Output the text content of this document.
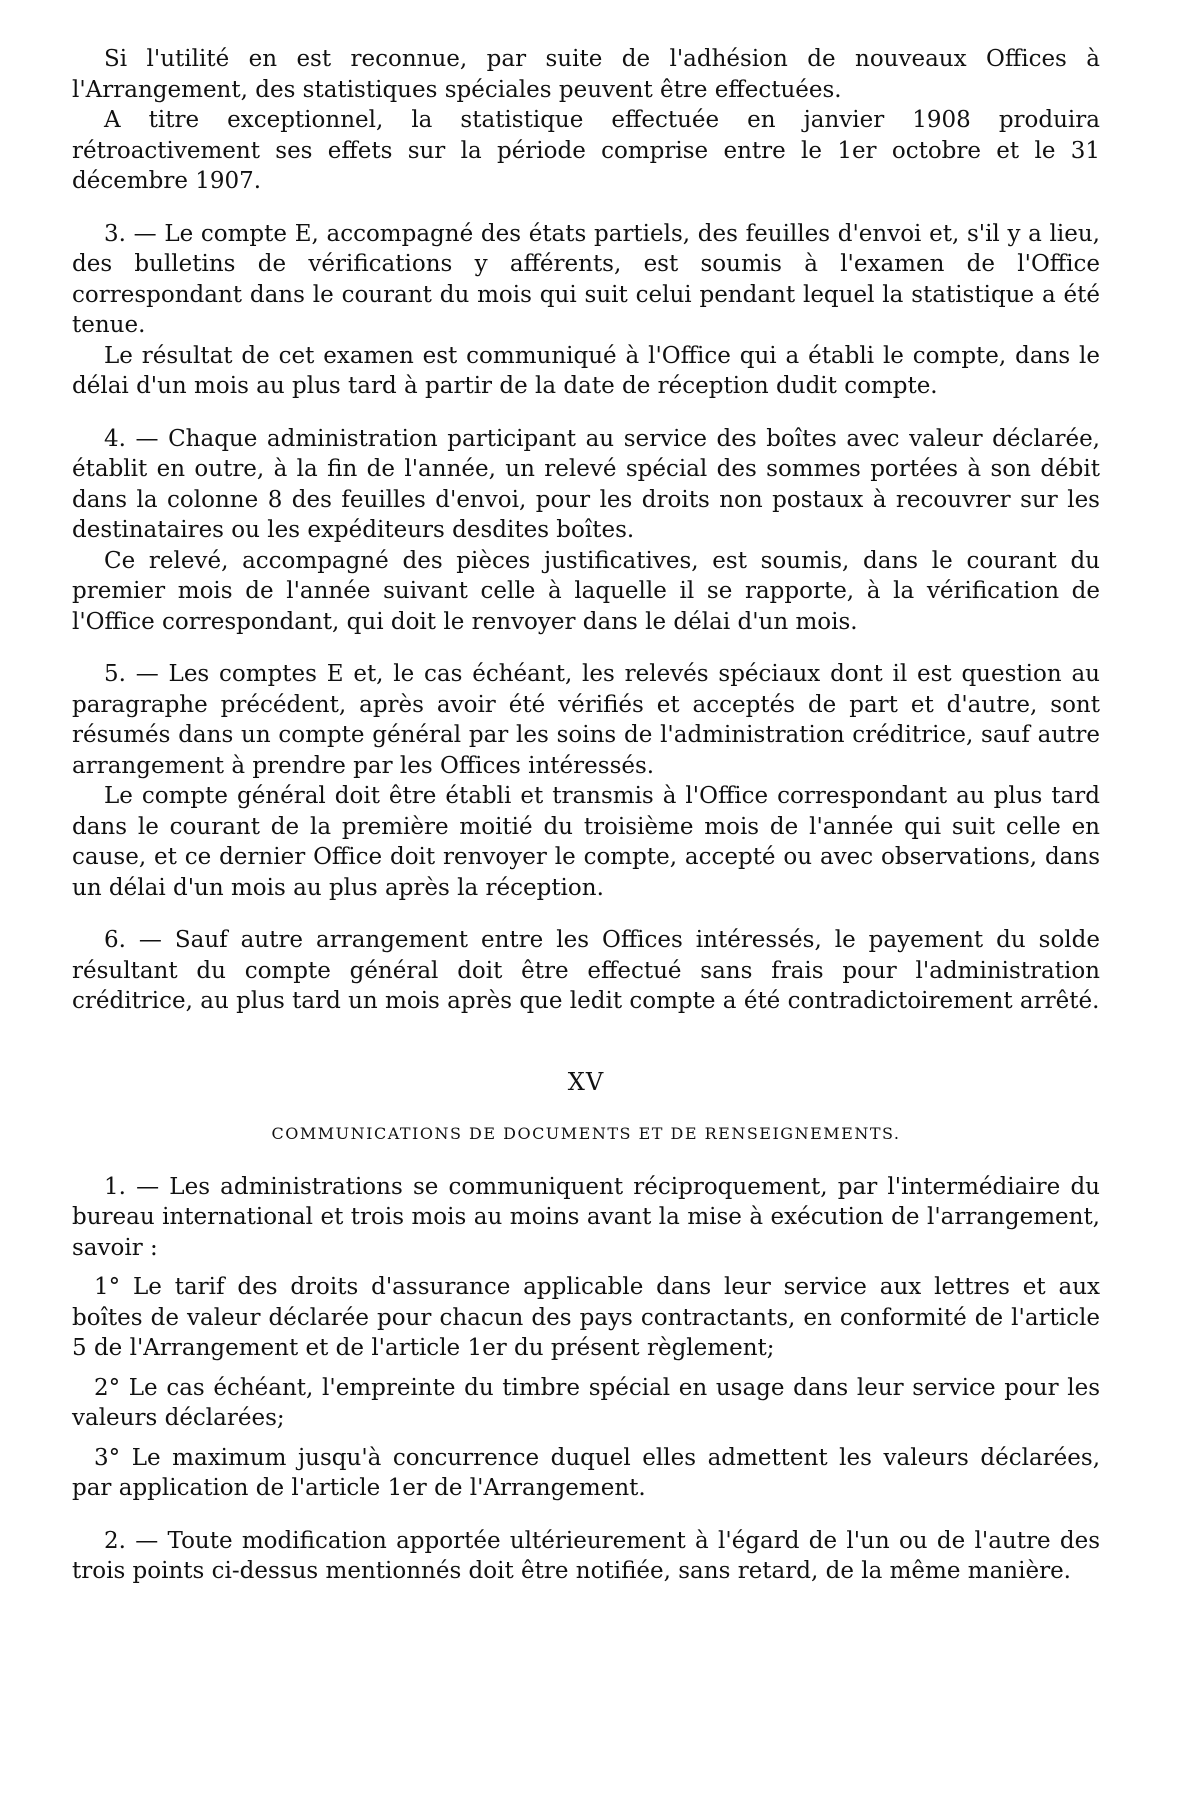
Si l'utilité en est reconnue, par suite de l'adhésion de nouveaux Offices à l'Arrangement, des statistiques spéciales peuvent être effectuées.

A titre exceptionnel, la statistique effectuée en janvier 1908 produira rétroactivement ses effets sur la période comprise entre le 1er octobre et le 31 décembre 1907.

3. — Le compte E, accompagné des états partiels, des feuilles d'envoi et, s'il y a lieu, des bulletins de vérifications y afférents, est soumis à l'examen de l'Office correspondant dans le courant du mois qui suit celui pendant lequel la statistique a été tenue.

Le résultat de cet examen est communiqué à l'Office qui a établi le compte, dans le délai d'un mois au plus tard à partir de la date de réception dudit compte.

4. — Chaque administration participant au service des boîtes avec valeur déclarée, établit en outre, à la fin de l'année, un relevé spécial des sommes portées à son débit dans la colonne 8 des feuilles d'envoi, pour les droits non postaux à recouvrer sur les destinataires ou les expéditeurs desdites boîtes.

Ce relevé, accompagné des pièces justificatives, est soumis, dans le courant du premier mois de l'année suivant celle à laquelle il se rapporte, à la vérification de l'Office correspondant, qui doit le renvoyer dans le délai d'un mois.

5. — Les comptes E et, le cas échéant, les relevés spéciaux dont il est question au paragraphe précédent, après avoir été vérifiés et acceptés de part et d'autre, sont résumés dans un compte général par les soins de l'administration créditrice, sauf autre arrangement à prendre par les Offices intéressés.

Le compte général doit être établi et transmis à l'Office correspondant au plus tard dans le courant de la première moitié du troisième mois de l'année qui suit celle en cause, et ce dernier Office doit renvoyer le compte, accepté ou avec observations, dans un délai d'un mois au plus après la réception.

6. — Sauf autre arrangement entre les Offices intéressés, le payement du solde résultant du compte général doit être effectué sans frais pour l'administration créditrice, au plus tard un mois après que ledit compte a été contradictoirement arrêté.

XV
COMMUNICATIONS DE DOCUMENTS ET DE RENSEIGNEMENTS.

1. — Les administrations se communiquent réciproquement, par l'intermédiaire du bureau international et trois mois au moins avant la mise à exécution de l'arrangement, savoir :

1° Le tarif des droits d'assurance applicable dans leur service aux lettres et aux boîtes de valeur déclarée pour chacun des pays contractants, en conformité de l'article 5 de l'Arrangement et de l'article 1er du présent règlement;

2° Le cas échéant, l'empreinte du timbre spécial en usage dans leur service pour les valeurs déclarées;

3° Le maximum jusqu'à concurrence duquel elles admettent les valeurs déclarées, par application de l'article 1er de l'Arrangement.

2. — Toute modification apportée ultérieurement à l'égard de l'un ou de l'autre des trois points ci-dessus mentionnés doit être notifiée, sans retard, de la même manière.
